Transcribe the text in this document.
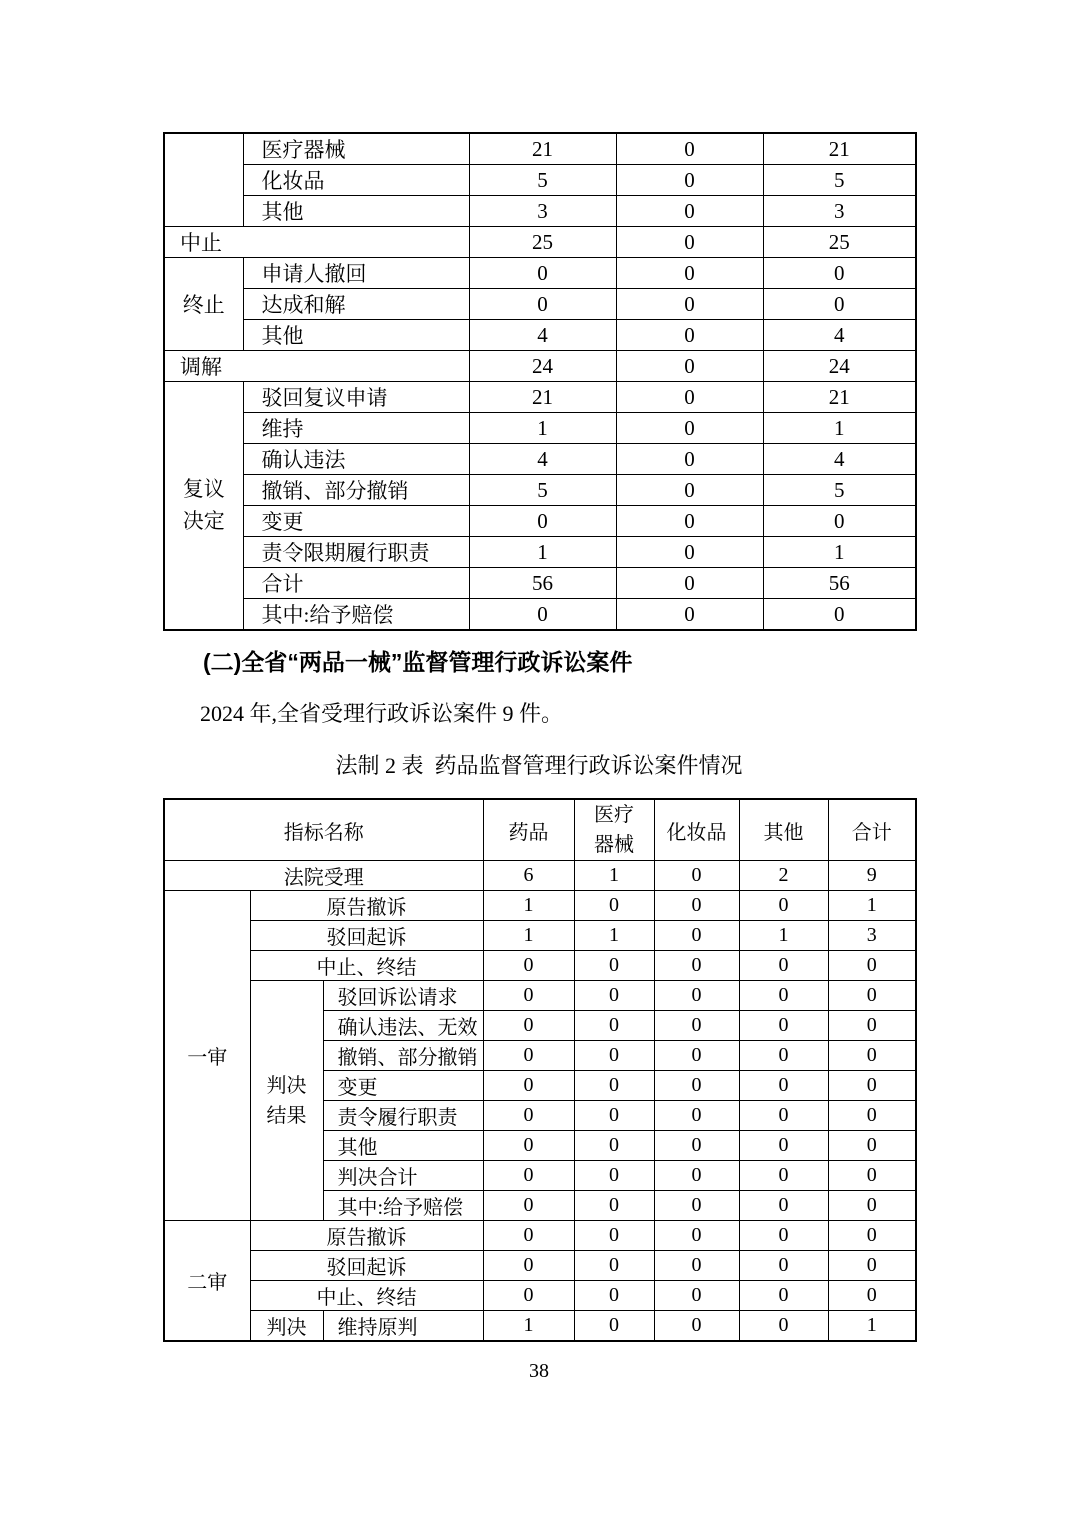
	医疗器械	21	0	21
	化妆品	5	0	5
	其他	3	0	3
中止		25	0	25
终止	申请人撤回	0	0	0
	达成和解	0	0	0
	其他	4	0	4
调解		24	0	24
复议决定	驳回复议申请	21	0	21
	维持	1	0	1
	确认违法	4	0	4
	撤销、部分撤销	5	0	5
	变更	0	0	0
	责令限期履行职责	1	0	1
	合计	56	0	56
	其中:给予赔偿	0	0	0
(二)全省“两品一械”监督管理行政诉讼案件
2024 年,全省受理行政诉讼案件 9 件。
法制 2 表  药品监督管理行政诉讼案件情况
指标名称			药品	医疗器械	化妆品	其他	合计
法院受理			6	1	0	2	9
一审	原告撤诉		1	0	0	0	1
	驳回起诉		1	1	0	1	3
	中止、终结		0	0	0	0	0
	判决结果	驳回诉讼请求	0	0	0	0	0
		确认违法、无效	0	0	0	0	0
		撤销、部分撤销	0	0	0	0	0
		变更	0	0	0	0	0
		责令履行职责	0	0	0	0	0
		其他	0	0	0	0	0
		判决合计	0	0	0	0	0
		其中:给予赔偿	0	0	0	0	0
二审	原告撤诉		0	0	0	0	0
	驳回起诉		0	0	0	0	0
	中止、终结		0	0	0	0	0
	判决	维持原判	1	0	0	0	1
38
